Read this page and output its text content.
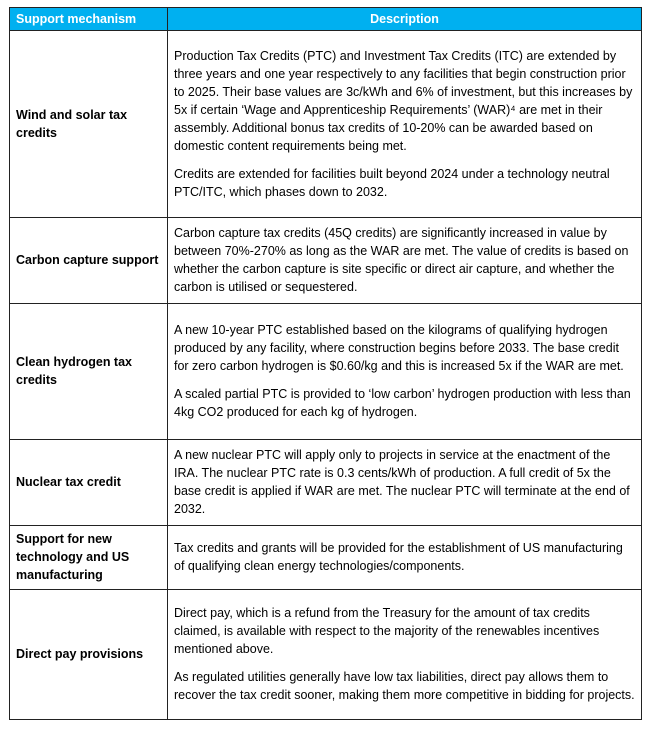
Support mechanism	Description
Wind and solar tax credits	Production Tax Credits (PTC) and Investment Tax Credits (ITC) are extended by three years and one year respectively to any facilities that begin construction prior to 2025. Their base values are 3c/kWh and 6% of investment, but this increases by 5x if certain ‘Wage and Apprenticeship Requirements’ (WAR)⁴ are met in their assembly. Additional bonus tax credits of 10-20% can be awarded based on domestic content requirements being met.

Credits are extended for facilities built beyond 2024 under a technology neutral PTC/ITC, which phases down to 2032.

Carbon capture support	Carbon capture tax credits (45Q credits) are significantly increased in value by between 70%-270% as long as the WAR are met. The value of credits is based on whether the carbon capture is site specific or direct air capture, and whether the carbon is utilised or sequestered.

Clean hydrogen tax credits	A new 10-year PTC established based on the kilograms of qualifying hydrogen produced by any facility, where construction begins before 2033. The base credit for zero carbon hydrogen is $0.60/kg and this is increased 5x if the WAR are met.

A scaled partial PTC is provided to ‘low carbon’ hydrogen production with less than 4kg CO2 produced for each kg of hydrogen.

Nuclear tax credit	A new nuclear PTC will apply only to projects in service at the enactment of the IRA. The nuclear PTC rate is 0.3 cents/kWh of production. A full credit of 5x the base credit is applied if WAR are met. The nuclear PTC will terminate at the end of 2032.

Support for new technology and US manufacturing	Tax credits and grants will be provided for the establishment of US manufacturing of qualifying clean energy technologies/components.

Direct pay provisions	Direct pay, which is a refund from the Treasury for the amount of tax credits claimed, is available with respect to the majority of the renewables incentives mentioned above.

As regulated utilities generally have low tax liabilities, direct pay allows them to recover the tax credit sooner, making them more competitive in bidding for projects.
